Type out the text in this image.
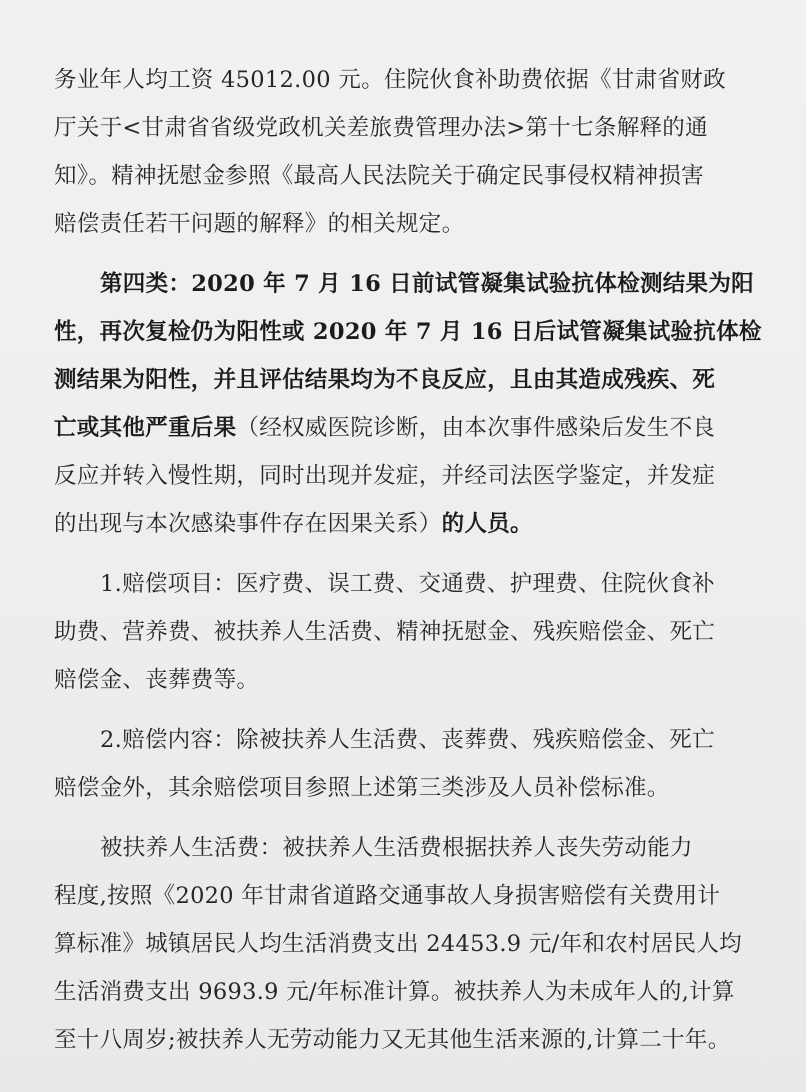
务业年人均工资 45012.00 元。住院伙食补助费依据《甘肃省财政
厅关于<甘肃省省级党政机关差旅费管理办法>第十七条解释的通
知》。精神抚慰金参照《最高人民法院关于确定民事侵权精神损害
赔偿责任若干问题的解释》的相关规定。
第四类：2020 年 7 月 16 日前试管凝集试验抗体检测结果为阳
性，再次复检仍为阳性或 2020 年 7 月 16 日后试管凝集试验抗体检
测结果为阳性，并且评估结果均为不良反应，且由其造成残疾、死
亡或其他严重后果（经权威医院诊断，由本次事件感染后发生不良
反应并转入慢性期，同时出现并发症，并经司法医学鉴定，并发症
的出现与本次感染事件存在因果关系）的人员。
1.赔偿项目：医疗费、误工费、交通费、护理费、住院伙食补
助费、营养费、被扶养人生活费、精神抚慰金、残疾赔偿金、死亡
赔偿金、丧葬费等。
2.赔偿内容：除被扶养人生活费、丧葬费、残疾赔偿金、死亡
赔偿金外，其余赔偿项目参照上述第三类涉及人员补偿标准。
被扶养人生活费：被扶养人生活费根据扶养人丧失劳动能力
程度,按照《2020 年甘肃省道路交通事故人身损害赔偿有关费用计
算标准》城镇居民人均生活消费支出 24453.9 元/年和农村居民人均
生活消费支出 9693.9 元/年标准计算。被扶养人为未成年人的,计算
至十八周岁;被扶养人无劳动能力又无其他生活来源的,计算二十年。
